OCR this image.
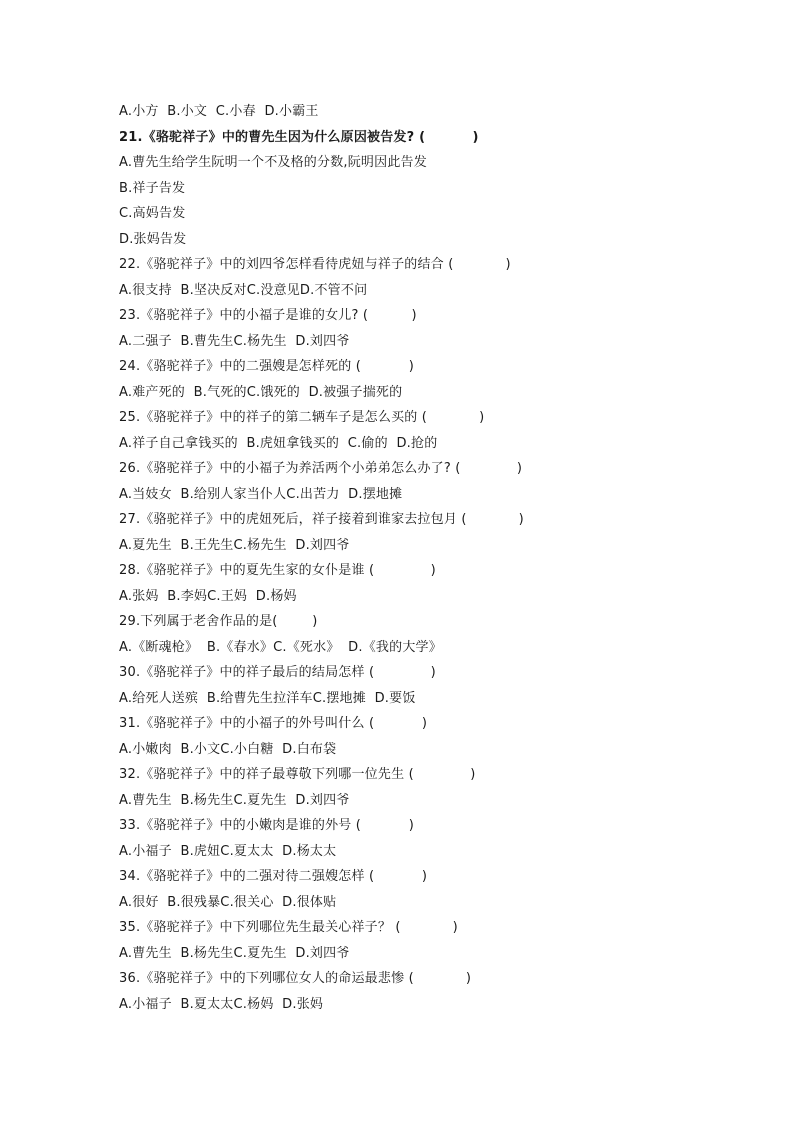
A.小方  B.小文  C.小春  D.小霸王
21.《骆驼祥子》中的曹先生因为什么原因被告发? (          )
A.曹先生给学生阮明一个不及格的分数,阮明因此告发
B.祥子告发
C.高妈告发
D.张妈告发
22.《骆驼祥子》中的刘四爷怎样看待虎妞与祥子的结合 (            )
A.很支持  B.坚决反对C.没意见D.不管不问
23.《骆驼祥子》中的小福子是谁的女儿? (          )
A.二强子  B.曹先生C.杨先生  D.刘四爷
24.《骆驼祥子》中的二强嫂是怎样死的 (           )
A.难产死的  B.气死的C.饿死的  D.被强子揣死的
25.《骆驼祥子》中的祥子的第二辆车子是怎么买的 (            )
A.祥子自己拿钱买的  B.虎妞拿钱买的  C.偷的  D.抢的
26.《骆驼祥子》中的小福子为养活两个小弟弟怎么办了? (             )
A.当妓女  B.给别人家当仆人C.出苦力  D.摆地摊
27.《骆驼祥子》中的虎妞死后，祥子接着到谁家去拉包月 (            )
A.夏先生  B.王先生C.杨先生  D.刘四爷
28.《骆驼祥子》中的夏先生家的女仆是谁 (             )
A.张妈  B.李妈C.王妈  D.杨妈
29.下列属于老舍作品的是(        )
A.《断魂枪》  B.《春水》C.《死水》  D.《我的大学》
30.《骆驼祥子》中的祥子最后的结局怎样 (             )
A.给死人送殡  B.给曹先生拉洋车C.摆地摊  D.要饭
31.《骆驼祥子》中的小福子的外号叫什么 (           )
A.小嫩肉  B.小文C.小白糖  D.白布袋
32.《骆驼祥子》中的祥子最尊敬下列哪一位先生 (             )
A.曹先生  B.杨先生C.夏先生  D.刘四爷
33.《骆驼祥子》中的小嫩肉是谁的外号 (           )
A.小福子  B.虎妞C.夏太太  D.杨太太
34.《骆驼祥子》中的二强对待二强嫂怎样 (           )
A.很好  B.很残暴C.很关心  D.很体贴
35.《骆驼祥子》中下列哪位先生最关心祥子？ (            )
A.曹先生  B.杨先生C.夏先生  D.刘四爷
36.《骆驼祥子》中的下列哪位女人的命运最悲惨 (            )
A.小福子  B.夏太太C.杨妈  D.张妈
